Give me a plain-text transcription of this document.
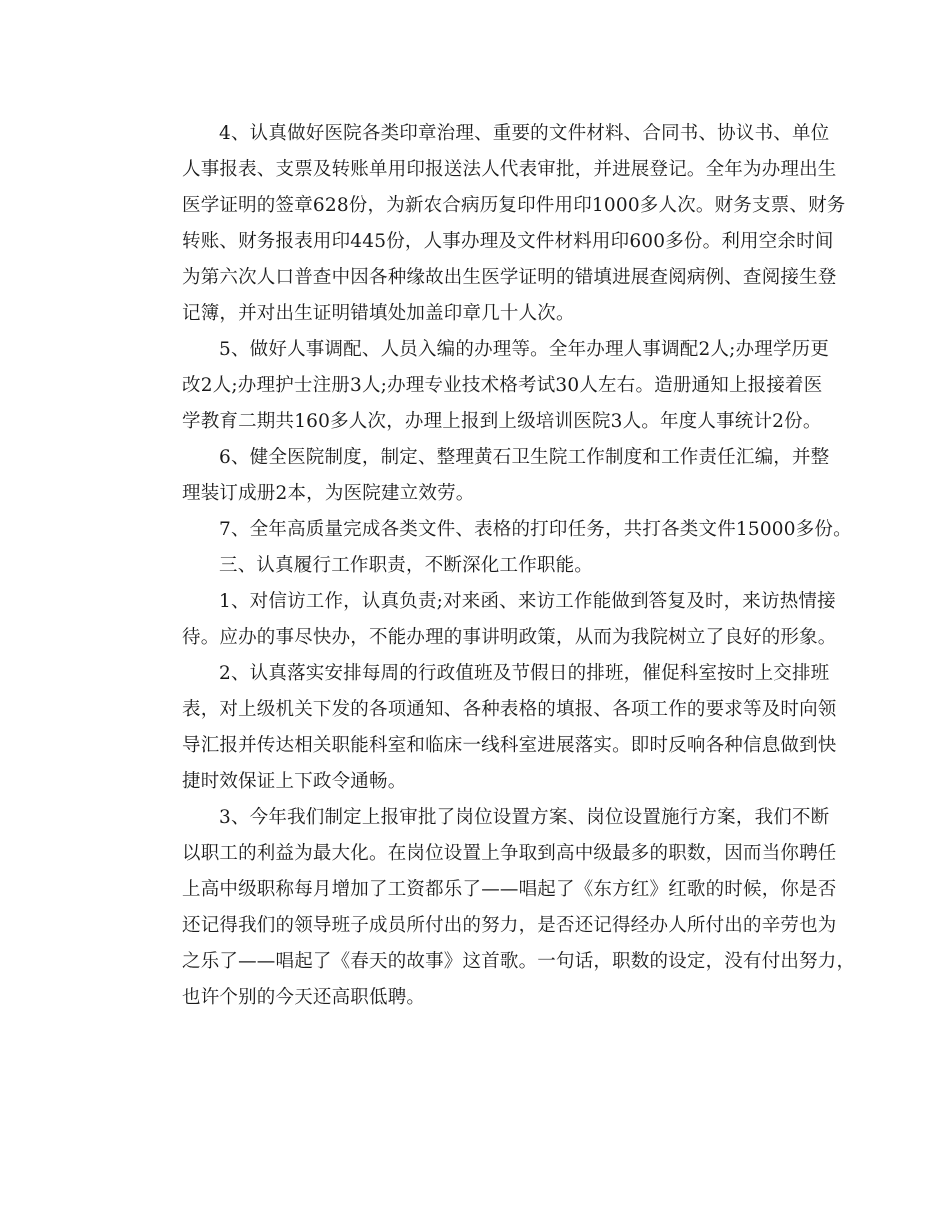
4、认真做好医院各类印章治理、重要的文件材料、合同书、协议书、单位
人事报表、支票及转账单用印报送法人代表审批，并进展登记。全年为办理出生
医学证明的签章628份，为新农合病历复印件用印1000多人次。财务支票、财务
转账、财务报表用印445份，人事办理及文件材料用印600多份。利用空余时间
为第六次人口普查中因各种缘故出生医学证明的错填进展查阅病例、查阅接生登
记簿，并对出生证明错填处加盖印章几十人次。

5、做好人事调配、人员入编的办理等。全年办理人事调配2人;办理学历更
改2人;办理护士注册3人;办理专业技术格考试30人左右。造册通知上报接着医
学教育二期共160多人次，办理上报到上级培训医院3人。年度人事统计2份。

6、健全医院制度，制定、整理黄石卫生院工作制度和工作责任汇编，并整
理装订成册2本，为医院建立效劳。

7、全年高质量完成各类文件、表格的打印任务，共打各类文件15000多份。

三、认真履行工作职责，不断深化工作职能。

1、对信访工作，认真负责;对来函、来访工作能做到答复及时，来访热情接
待。应办的事尽快办，不能办理的事讲明政策，从而为我院树立了良好的形象。

2、认真落实安排每周的行政值班及节假日的排班，催促科室按时上交排班
表，对上级机关下发的各项通知、各种表格的填报、各项工作的要求等及时向领
导汇报并传达相关职能科室和临床一线科室进展落实。即时反响各种信息做到快
捷时效保证上下政令通畅。

3、今年我们制定上报审批了岗位设置方案、岗位设置施行方案，我们不断
以职工的利益为最大化。在岗位设置上争取到高中级最多的职数，因而当你聘任
上高中级职称每月增加了工资都乐了——唱起了《东方红》红歌的时候，你是否
还记得我们的领导班子成员所付出的努力，是否还记得经办人所付出的辛劳也为
之乐了——唱起了《春天的故事》这首歌。一句话，职数的设定，没有付出努力，
也许个别的今天还高职低聘。
